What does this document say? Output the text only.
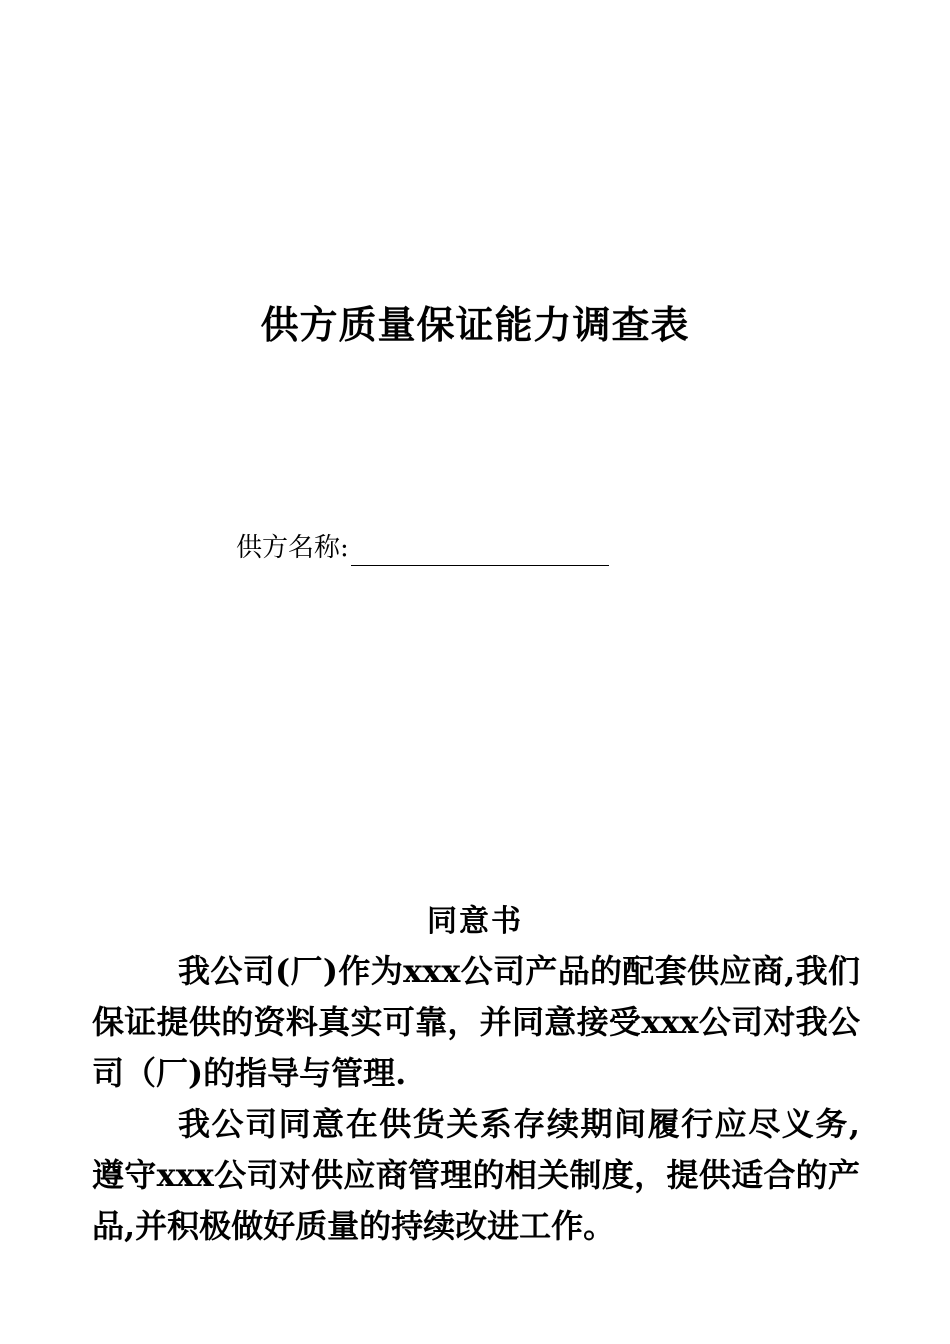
供方质量保证能力调查表
供方名称:
同意书

我公司(厂)作为xxx公司产品的配套供应商,我们保证提供的资料真实可靠，并同意接受xxx公司对我公司（厂)的指导与管理.

我公司同意在供货关系存续期间履行应尽义务,遵守xxx公司对供应商管理的相关制度，提供适合的产品,并积极做好质量的持续改进工作。
